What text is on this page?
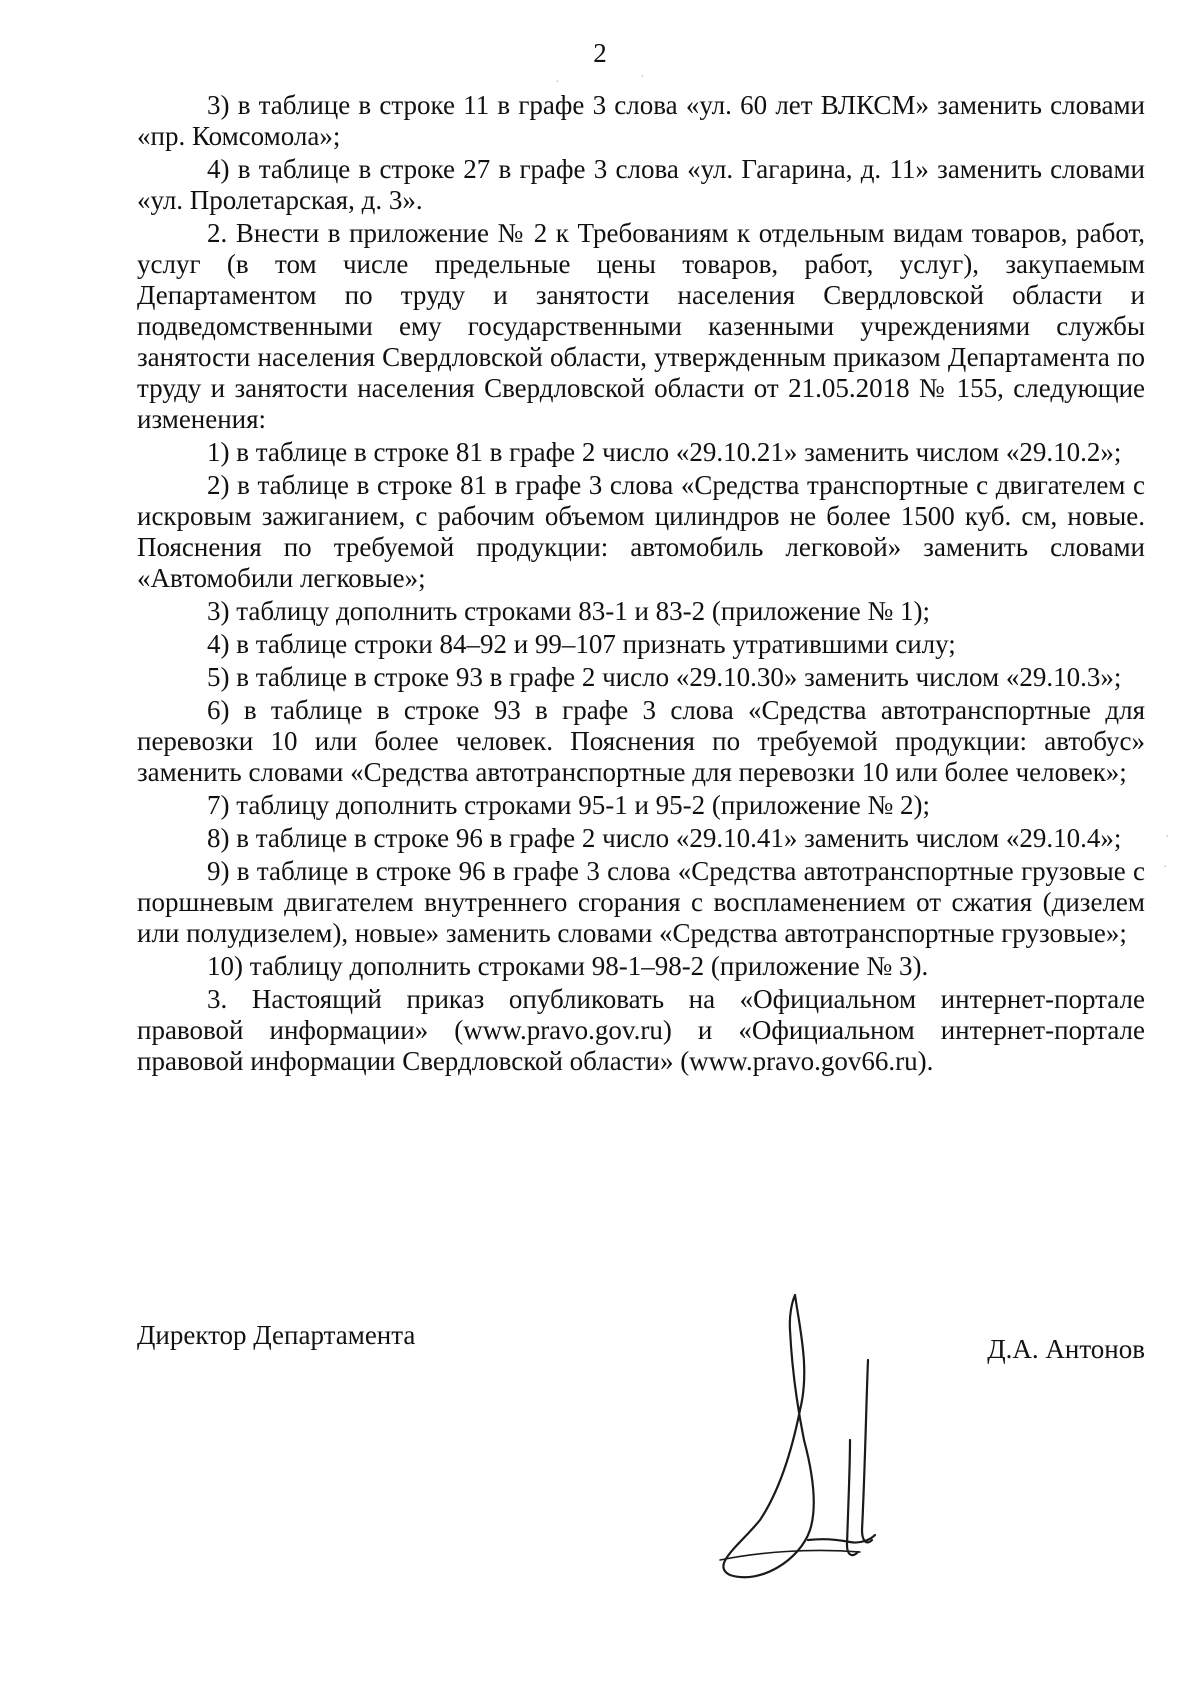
2

3) в таблице в строке 11 в графе 3 слова «ул. 60 лет ВЛКСМ» заменить словами «пр. Комсомола»;

4) в таблице в строке 27 в графе 3 слова «ул. Гагарина, д. 11» заменить словами «ул. Пролетарская, д. 3».

2. Внести в приложение № 2 к Требованиям к отдельным видам товаров, работ, услуг (в том числе предельные цены товаров, работ, услуг), закупаемым Департаментом по труду и занятости населения Свердловской области и подведомственными ему государственными казенными учреждениями службы занятости населения Свердловской области, утвержденным приказом Департамента по труду и занятости населения Свердловской области от 21.05.2018 № 155, следующие изменения:

1) в таблице в строке 81 в графе 2 число «29.10.21» заменить числом «29.10.2»;

2) в таблице в строке 81 в графе 3 слова «Средства транспортные с двигателем с искровым зажиганием, с рабочим объемом цилиндров не более 1500 куб. см, новые. Пояснения по требуемой продукции: автомобиль легковой» заменить словами «Автомобили легковые»;

3) таблицу дополнить строками 83-1 и 83-2 (приложение № 1);

4) в таблице строки 84–92 и 99–107 признать утратившими силу;

5) в таблице в строке 93 в графе 2 число «29.10.30» заменить числом «29.10.3»;

6) в таблице в строке 93 в графе 3 слова «Средства автотранспортные для перевозки 10 или более человек. Пояснения по требуемой продукции: автобус» заменить словами «Средства автотранспортные для перевозки 10 или более человек»;

7) таблицу дополнить строками 95-1 и 95-2 (приложение № 2);

8) в таблице в строке 96 в графе 2 число «29.10.41» заменить числом «29.10.4»;

9) в таблице в строке 96 в графе 3 слова «Средства автотранспортные грузовые с поршневым двигателем внутреннего сгорания с воспламенением от сжатия (дизелем или полудизелем), новые» заменить словами «Средства автотранспортные грузовые»;

10) таблицу дополнить строками 98-1–98-2 (приложение № 3).

3. Настоящий приказ опубликовать на «Официальном интернет-портале правовой информации» (www.pravo.gov.ru) и «Официальном интернет-портале правовой информации Свердловской области» (www.pravo.gov66.ru).

Директор Департамента	Д.А. Антонов
·	·
·
·
